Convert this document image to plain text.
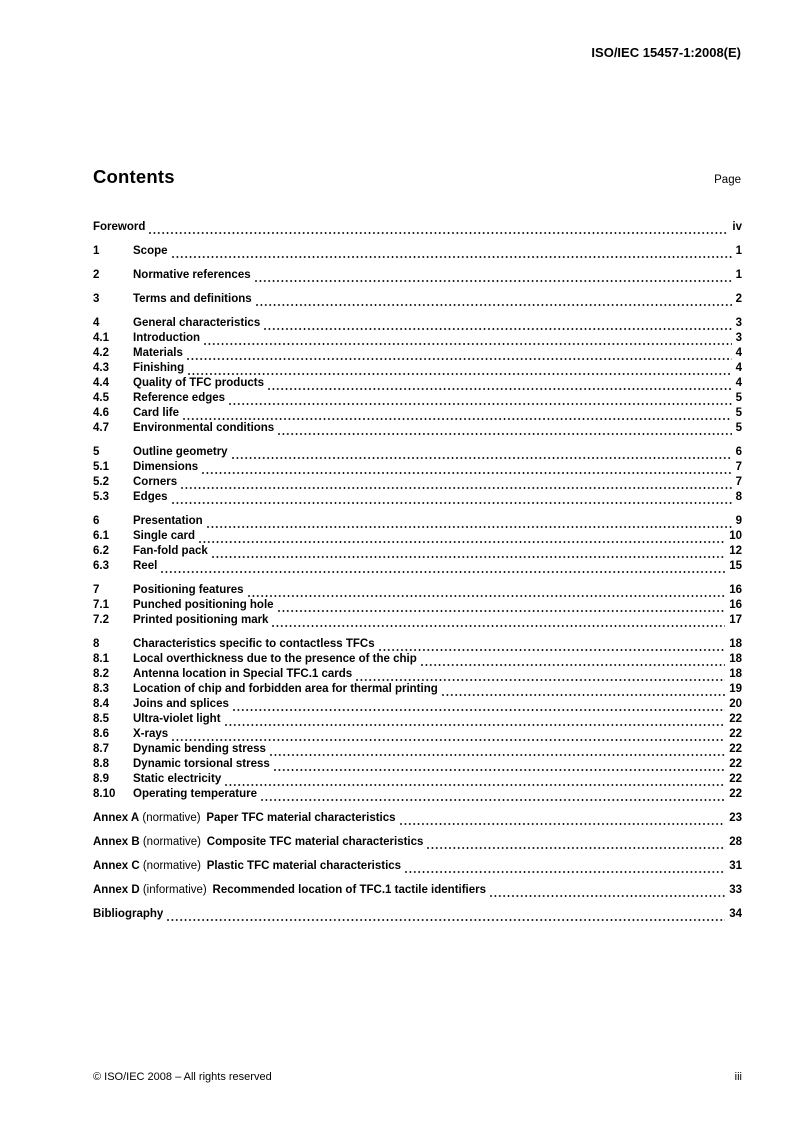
ISO/IEC 15457-1:2008(E)
Contents	Page
Foreword	iv
1	Scope	1
2	Normative references	1
3	Terms and definitions	2
4	General characteristics	3
4.1	Introduction	3
4.2	Materials	4
4.3	Finishing	4
4.4	Quality of TFC products	4
4.5	Reference edges	5
4.6	Card life	5
4.7	Environmental conditions	5
5	Outline geometry	6
5.1	Dimensions	7
5.2	Corners	7
5.3	Edges	8
6	Presentation	9
6.1	Single card	10
6.2	Fan-fold pack	12
6.3	Reel	15
7	Positioning features	16
7.1	Punched positioning hole	16
7.2	Printed positioning mark	17
8	Characteristics specific to contactless TFCs	18
8.1	Local overthickness due to the presence of the chip	18
8.2	Antenna location in Special TFC.1 cards	18
8.3	Location of chip and forbidden area for thermal printing	19
8.4	Joins and splices	20
8.5	Ultra-violet light	22
8.6	X-rays	22
8.7	Dynamic bending stress	22
8.8	Dynamic torsional stress	22
8.9	Static electricity	22
8.10	Operating temperature	22
Annex A (normative) Paper TFC material characteristics	23
Annex B (normative) Composite TFC material characteristics	28
Annex C (normative) Plastic TFC material characteristics	31
Annex D (informative) Recommended location of TFC.1 tactile identifiers	33
Bibliography	34
© ISO/IEC 2008 – All rights reserved	iii
